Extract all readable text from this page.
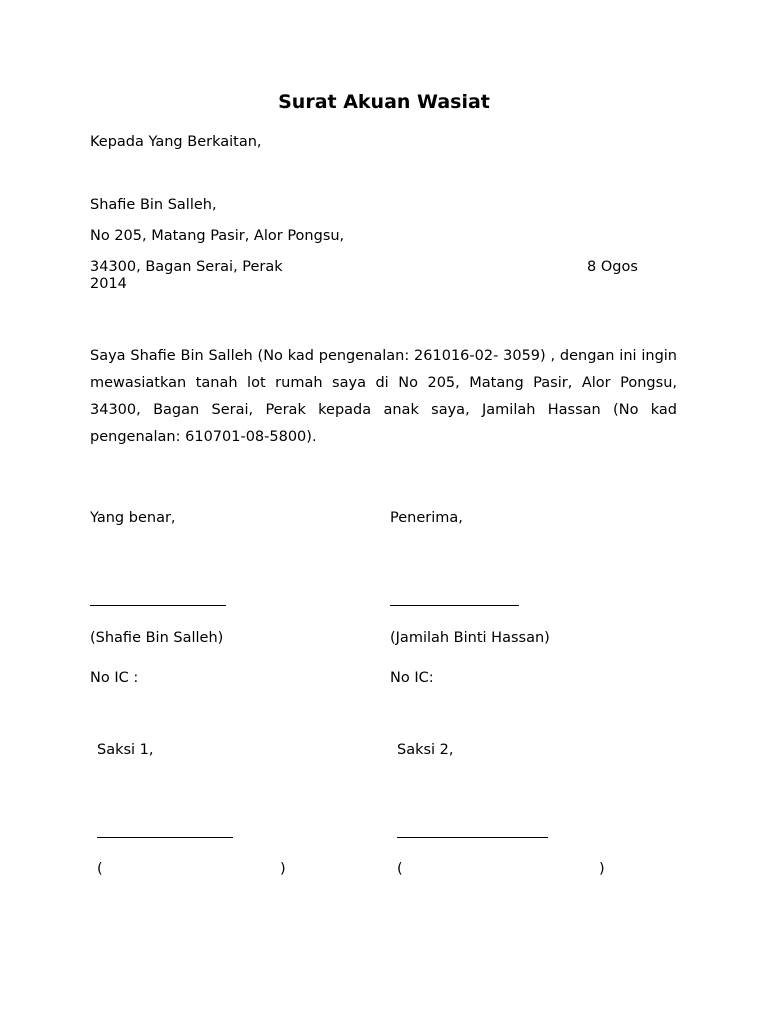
Surat Akuan Wasiat
Kepada Yang Berkaitan,
Shafie Bin Salleh,
No 205, Matang Pasir, Alor Pongsu,
34300, Bagan Serai, Perak	8 Ogos
2014
Saya Shafie Bin Salleh (No kad pengenalan: 261016-02- 3059) , dengan ini ingin mewasiatkan tanah lot rumah saya di No 205, Matang Pasir, Alor Pongsu, 34300, Bagan Serai, Perak kepada anak saya, Jamilah Hassan (No kad pengenalan: 610701-08-5800).
Yang benar,	Penerima,
(Shafie Bin Salleh)	(Jamilah Binti Hassan)
No IC :	No IC:
Saksi 1,	Saksi 2,
(	)	(	)
